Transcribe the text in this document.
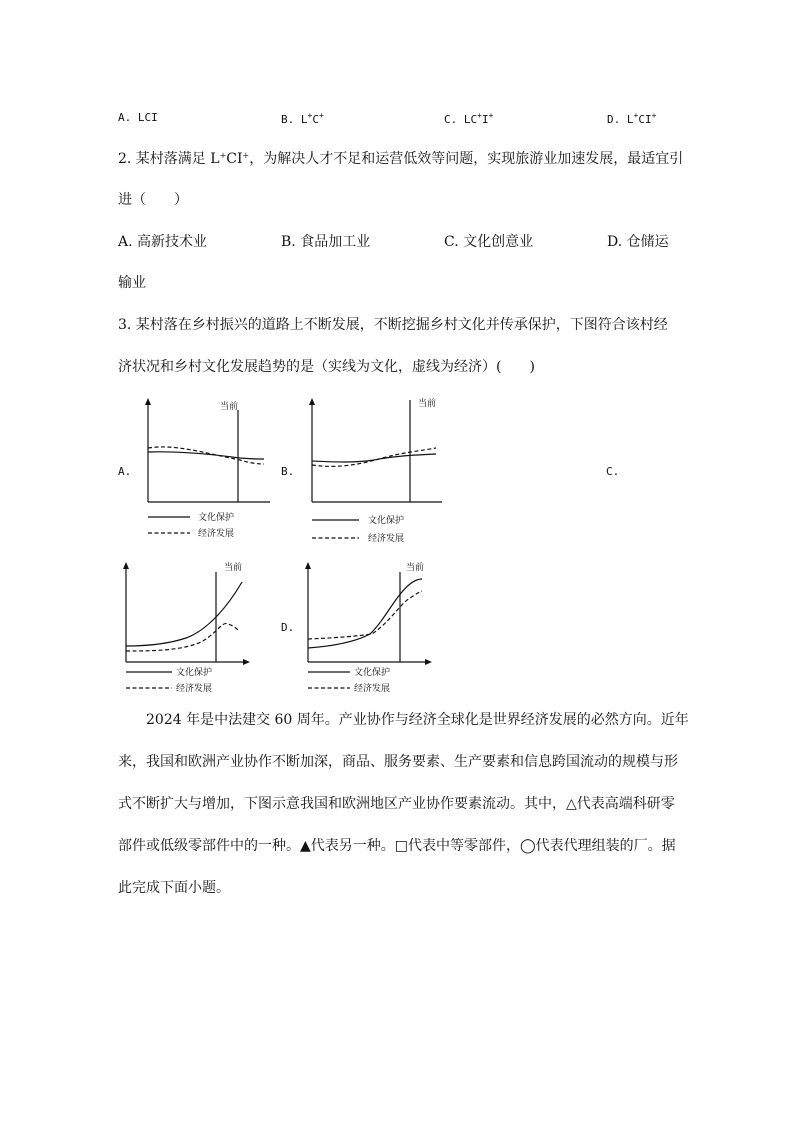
A. LCI	B. L+C+	C. LC+I+	D. L+CI+
2. 某村落满足 L+CI+，为解决人才不足和运营低效等问题，实现旅游业加速发展，最适宜引
进（　　）
A. 高新技术业	B. 食品加工业	C. 文化创意业	D. 仓储运
输业
3. 某村落在乡村振兴的道路上不断发展，不断挖掘乡村文化并传承保护，下图符合该村经
济状况和乡村文化发展趋势的是（实线为文化，虚线为经济）(　　)
A.	B.	C.
D.
当前
文化保护
经济发展
当前
文化保护
经济发展
当前
文化保护
经济发展
当前
文化保护
经济发展
2024 年是中法建交 60 周年。产业协作与经济全球化是世界经济发展的必然方向。近年
来，我国和欧洲产业协作不断加深，商品、服务要素、生产要素和信息跨国流动的规模与形
式不断扩大与增加，下图示意我国和欧洲地区产业协作要素流动。其中，△代表高端科研零
部件或低级零部件中的一种。▲代表另一种。□代表中等零部件，◯代表代理组装的厂。据
此完成下面小题。
